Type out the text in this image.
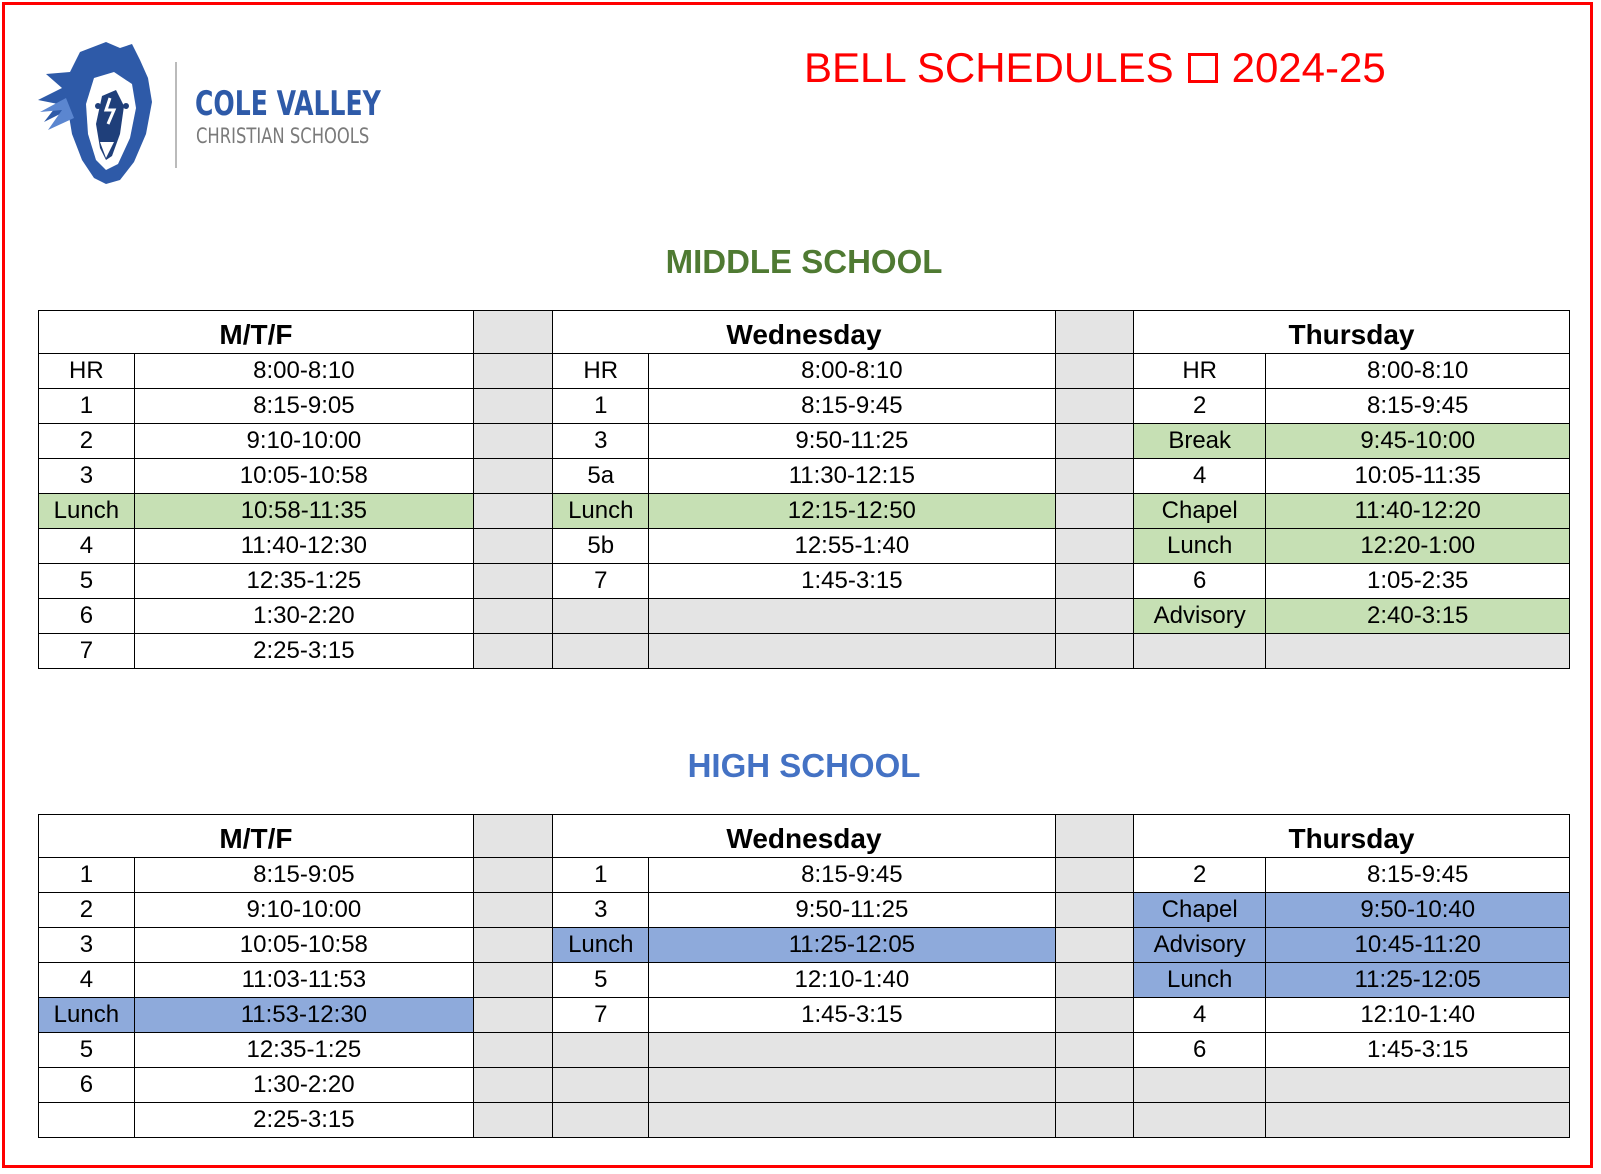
COLE VALLEY
CHRISTIAN SCHOOLS
BELL SCHEDULES 2024-25
MIDDLE SCHOOL
M/T/F			Wednesday			Thursday	
HR	8:00-8:10		HR	8:00-8:10		HR	8:00-8:10
1	8:15-9:05		1	8:15-9:45		2	8:15-9:45
2	9:10-10:00		3	9:50-11:25		Break	9:45-10:00
3	10:05-10:58		5a	11:30-12:15		4	10:05-11:35
Lunch	10:58-11:35		Lunch	12:15-12:50		Chapel	11:40-12:20
4	11:40-12:30		5b	12:55-1:40		Lunch	12:20-1:00
5	12:35-1:25		7	1:45-3:15		6	1:05-2:35
6	1:30-2:20					Advisory	2:40-3:15
7	2:25-3:15						
HIGH SCHOOL
M/T/F			Wednesday			Thursday	
1	8:15-9:05		1	8:15-9:45		2	8:15-9:45
2	9:10-10:00		3	9:50-11:25		Chapel	9:50-10:40
3	10:05-10:58		Lunch	11:25-12:05		Advisory	10:45-11:20
4	11:03-11:53		5	12:10-1:40		Lunch	11:25-12:05
Lunch	11:53-12:30		7	1:45-3:15		4	12:10-1:40
5	12:35-1:25					6	1:45-3:15
6	1:30-2:20						
	2:25-3:15						
